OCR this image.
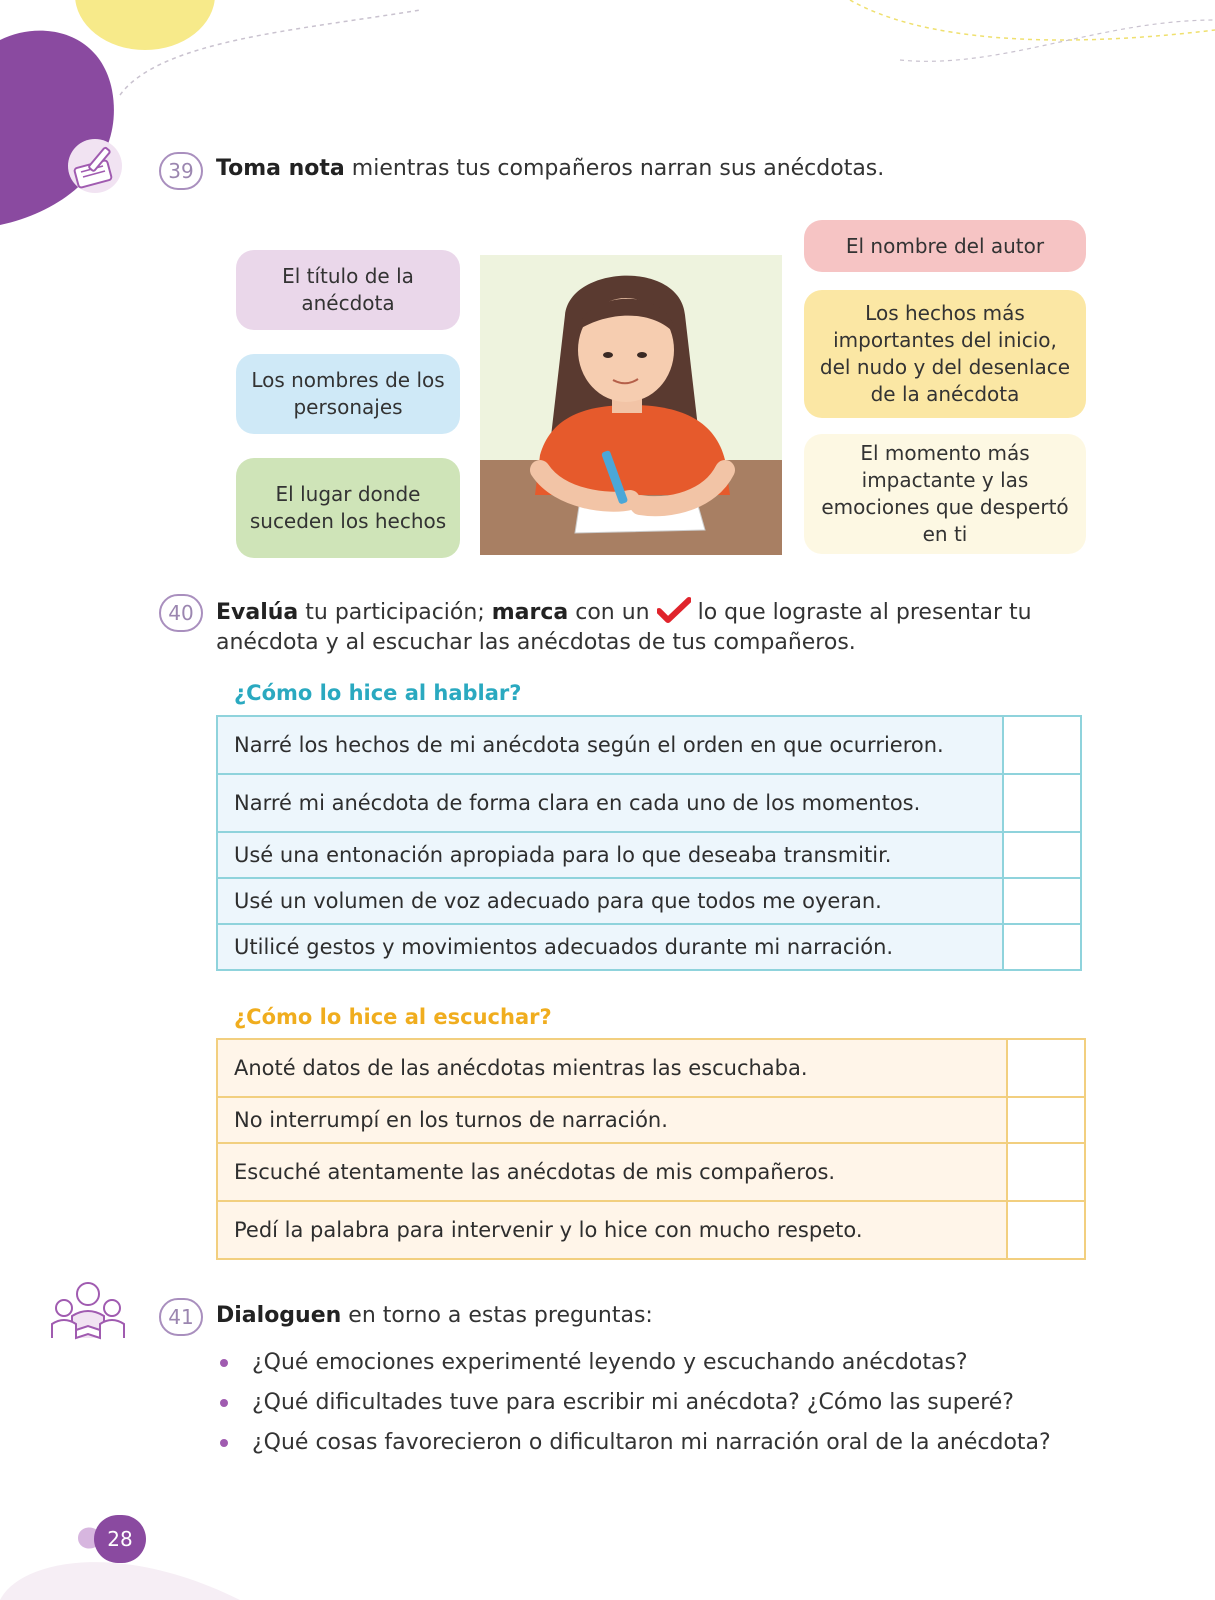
39	Toma nota mientras tus compañeros narran sus anécdotas.
El título de la anécdota
Los nombres de los personajes
El lugar donde suceden los hechos
El nombre del autor
Los hechos más importantes del inicio, del nudo y del desenlace de la anécdota
El momento más impactante y las emociones que despertó en ti
40	Evalúa tu participación; marca con un  lo que lograste al presentar tu anécdota y al escuchar las anécdotas de tus compañeros.
¿Cómo lo hice al hablar?
Narré los hechos de mi anécdota según el orden en que ocurrieron.	
Narré mi anécdota de forma clara en cada uno de los momentos.	
Usé una entonación apropiada para lo que deseaba transmitir.	
Usé un volumen de voz adecuado para que todos me oyeran.	
Utilicé gestos y movimientos adecuados durante mi narración.	
¿Cómo lo hice al escuchar?
Anoté datos de las anécdotas mientras las escuchaba.	
No interrumpí en los turnos de narración.	
Escuché atentamente las anécdotas de mis compañeros.	
Pedí la palabra para intervenir y lo hice con mucho respeto.	
41	Dialoguen en torno a estas preguntas:
¿Qué emociones experimenté leyendo y escuchando anécdotas?
¿Qué dificultades tuve para escribir mi anécdota? ¿Cómo las superé?
¿Qué cosas favorecieron o dificultaron mi narración oral de la anécdota?
28
